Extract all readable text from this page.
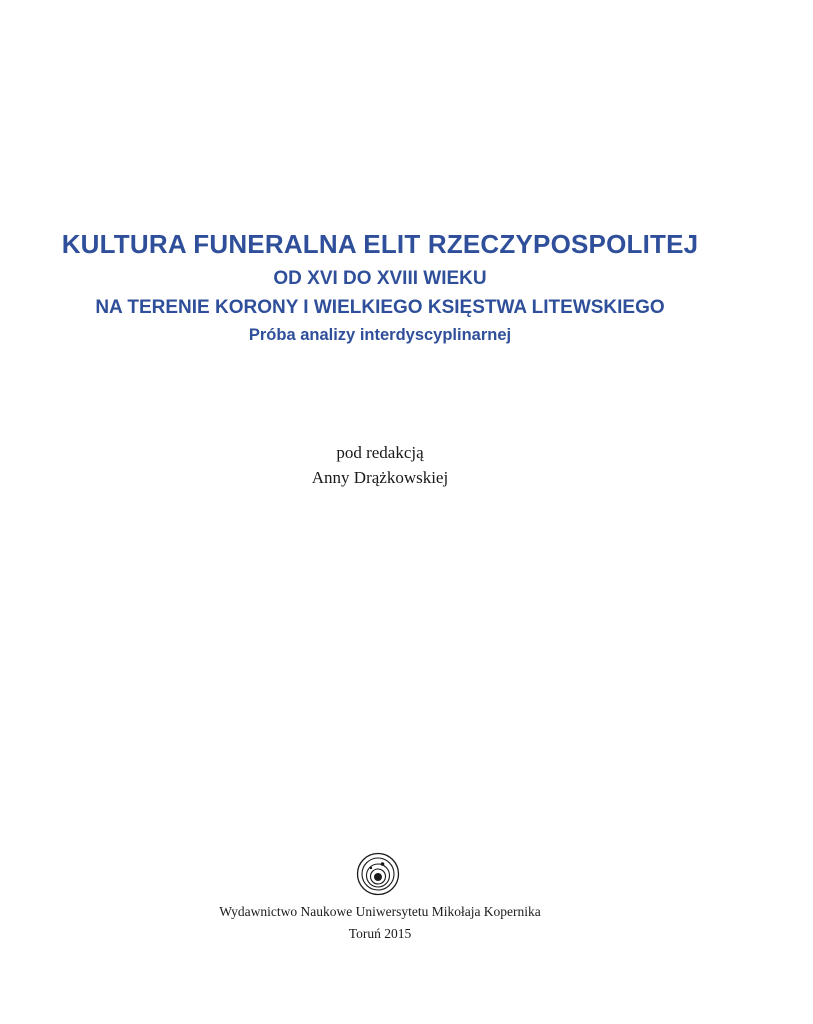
KULTURA FUNERALNA ELIT RZECZYPOSPOLITEJ
OD XVI DO XVIII WIEKU
NA TERENIE KORONY I WIELKIEGO KSIĘSTWA LITEWSKIEGO
Próba analizy interdyscyplinarnej
pod redakcją
Anny Drążkowskiej
Wydawnictwo Naukowe Uniwersytetu Mikołaja Kopernika
Toruń 2015
